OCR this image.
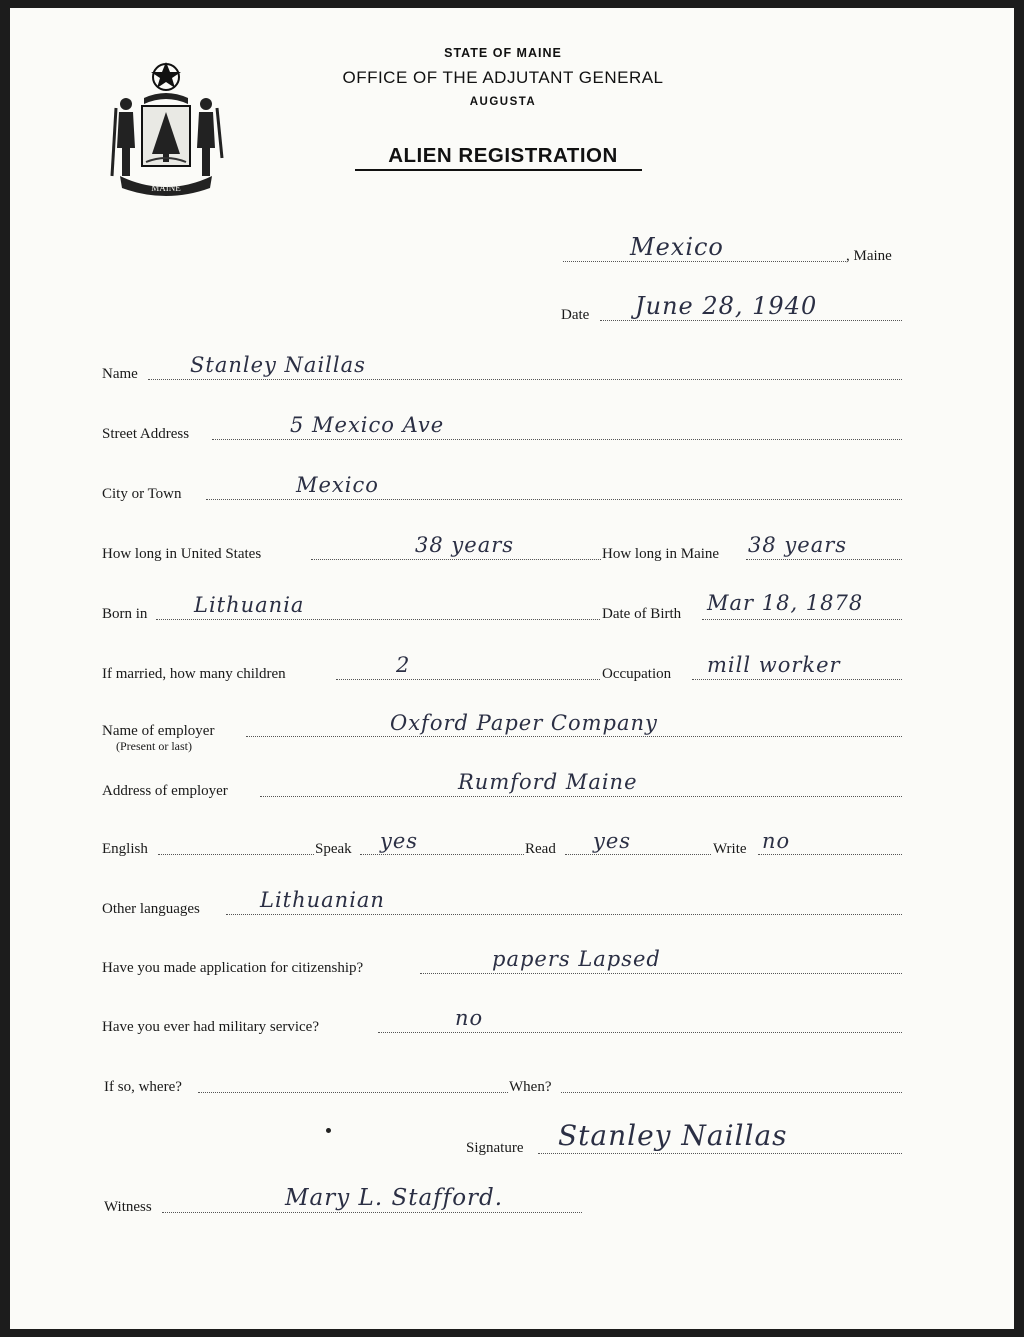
MAINE
STATE OF MAINE
OFFICE OF THE ADJUTANT GENERAL
AUGUSTA
ALIEN REGISTRATION
Mexico	, Maine
Date June 28, 1940
Name Stanley Naillas
Street Address	5 Mexico Ave
City or Town	Mexico
How long in United States	38 years	How long in Maine 38 years
Born in Lithuania	Date of Birth Mar 18, 1878
If married, how many children	2	Occupation mill worker
Name of employer
(Present or last)
Oxford Paper Company
Address of employer	Rumford Maine
English	Speak yes	Read yes	Write no
Other languages	Lithuanian
Have you made application for citizenship?	papers Lapsed
Have you ever had military service?	no
If so, where?	When?
Signature Stanley Naillas
Witness	Mary L. Stafford.
